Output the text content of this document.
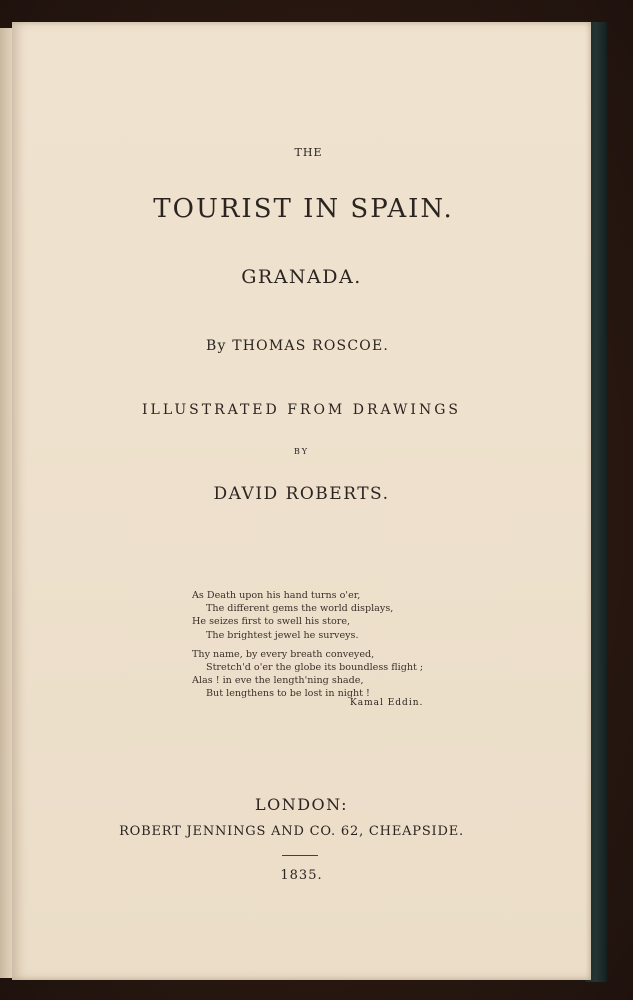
THE
TOURIST IN SPAIN.
GRANADA.
By THOMAS ROSCOE.
ILLUSTRATED FROM DRAWINGS
BY
DAVID ROBERTS.
As Death upon his hand turns o'er,
The different gems the world displays,
He seizes first to swell his store,
The brightest jewel he surveys.
Thy name, by every breath conveyed,
Stretch'd o'er the globe its boundless flight ;
Alas ! in eve the length'ning shade,
But lengthens to be lost in night !
Kamal Eddin.
LONDON:
ROBERT JENNINGS AND CO. 62, CHEAPSIDE.
1835.
